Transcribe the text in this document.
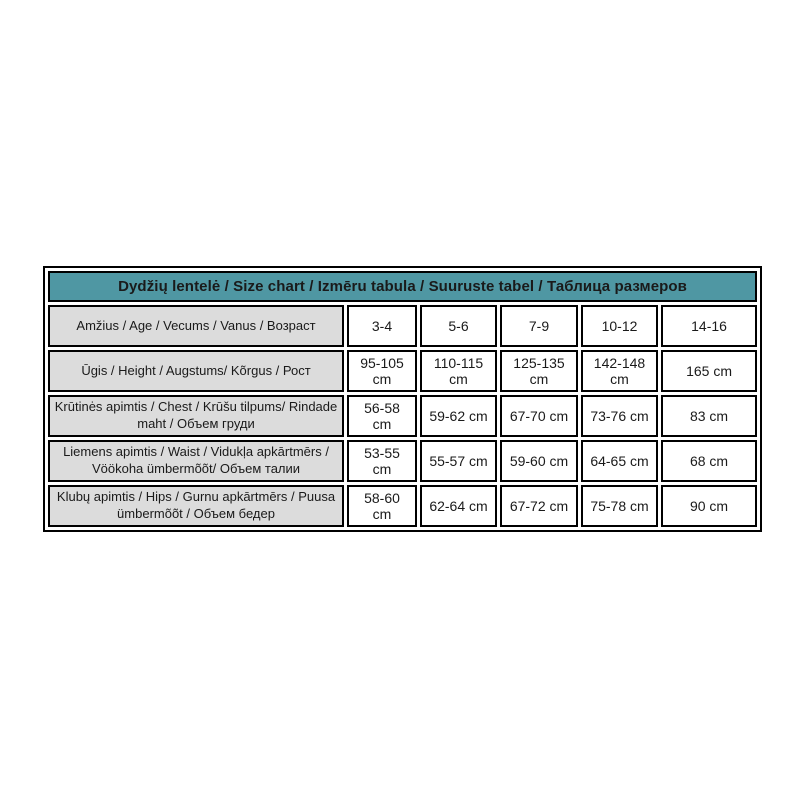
Dydžių lentelė / Size chart / Izmēru tabula / Suuruste tabel / Таблица размеров					
Amžius / Age / Vecums / Vanus / Возраст	3-4	5-6	7-9	10-12	14-16
Ūgis / Height / Augstums/ Kõrgus / Рост	95-105 cm	110-115 cm	125-135 cm	142-148 cm	165 cm
Krūtinės apimtis / Chest / Krūšu tilpums/ Rindade maht / Объем груди	56-58 cm	59-62 cm	67-70 cm	73-76 cm	83 cm
Liemens apimtis / Waist / Vidukļa apkārtmērs / Vöökoha ümbermõõt/ Объем талии	53-55 cm	55-57 cm	59-60 cm	64-65 cm	68 cm
Klubų apimtis / Hips / Gurnu apkārtmērs / Puusa ümbermõõt / Объем бедер	58-60 cm	62-64 cm	67-72 cm	75-78 cm	90 cm
